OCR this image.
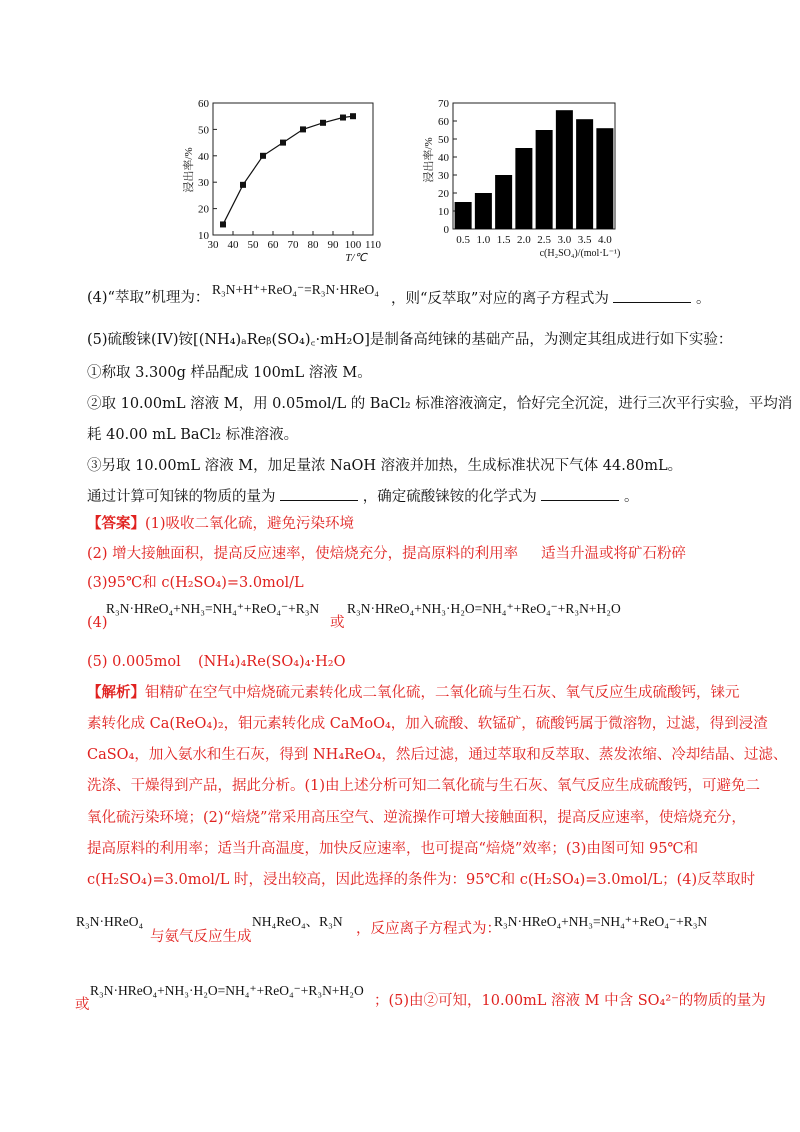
30 40 50 60 70 80 90 100 110
10
20
30
40
50
60
T/℃
浸出率/%
0
10
20
30
40
50
60
70
0.5 1.0 1.5 2.0 2.5 3.0 3.5 4.0
c(H₂SO₄)/(mol·L⁻¹)
浸出率/%
(4)“萃取”机理为：
R₃N+H⁺+ReO₄⁻=R₃N·HReO₄
，则“反萃取”对应的离子方程式为	。
(5)硫酸铼(IV)铵[(NH₄)ₐReᵦ(SO₄)꜀·mH₂O]是制备高纯铼的基础产品，为测定其组成进行如下实验：
①称取 3.300g 样品配成 100mL 溶液 M。
②取 10.00mL 溶液 M，用 0.05mol/L 的 BaCl₂ 标准溶液滴定，恰好完全沉淀，进行三次平行实验，平均消
耗 40.00 mL BaCl₂ 标准溶液。
③另取 10.00mL 溶液 M，加足量浓 NaOH 溶液并加热，生成标准状况下气体 44.80mL。
通过计算可知铼的物质的量为	，确定硫酸铼铵的化学式为	。
【答案】(1)吸收二氧化硫，避免污染环境
(2) 增大接触面积，提高反应速率，使焙烧充分，提高原料的利用率 适当升温或将矿石粉碎
(3)95℃和 c(H₂SO₄)=3.0mol/L
R₃N·HReO₄+NH₃=NH₄⁺+ReO₄⁻+R₃N
(4)	或
R₃N·HReO₄+NH₃·H₂O=NH₄⁺+ReO₄⁻+R₃N+H₂O
(5) 0.005mol (NH₄)₄Re(SO₄)₄·H₂O
【解析】钼精矿在空气中焙烧硫元素转化成二氧化硫，二氧化硫与生石灰、氧气反应生成硫酸钙，铼元
素转化成 Ca(ReO₄)₂，钼元素转化成 CaMoO₄，加入硫酸、软锰矿，硫酸钙属于微溶物，过滤，得到浸渣
CaSO₄，加入氨水和生石灰，得到 NH₄ReO₄，然后过滤，通过萃取和反萃取、蒸发浓缩、冷却结晶、过滤、
洗涤、干燥得到产品，据此分析。(1)由上述分析可知二氧化硫与生石灰、氧气反应生成硫酸钙，可避免二
氧化硫污染环境；(2)“焙烧”常采用高压空气、逆流操作可增大接触面积，提高反应速率，使焙烧充分，
提高原料的利用率；适当升高温度，加快反应速率，也可提高“焙烧”效率；(3)由图可知 95℃和
c(H₂SO₄)=3.0mol/L 时，浸出较高，因此选择的条件为：95℃和 c(H₂SO₄)=3.0mol/L；(4)反萃取时
R₃N·HReO₄
与氨气反应生成
NH₄ReO₄、R₃N ，反应离子方程式为：
R₃N·HReO₄+NH₃=NH₄⁺+ReO₄⁻+R₃N
或
R₃N·HReO₄+NH₃·H₂O=NH₄⁺+ReO₄⁻+R₃N+H₂O
；(5)由②可知，10.00mL 溶液 M 中含 SO₄²⁻的物质的量为
